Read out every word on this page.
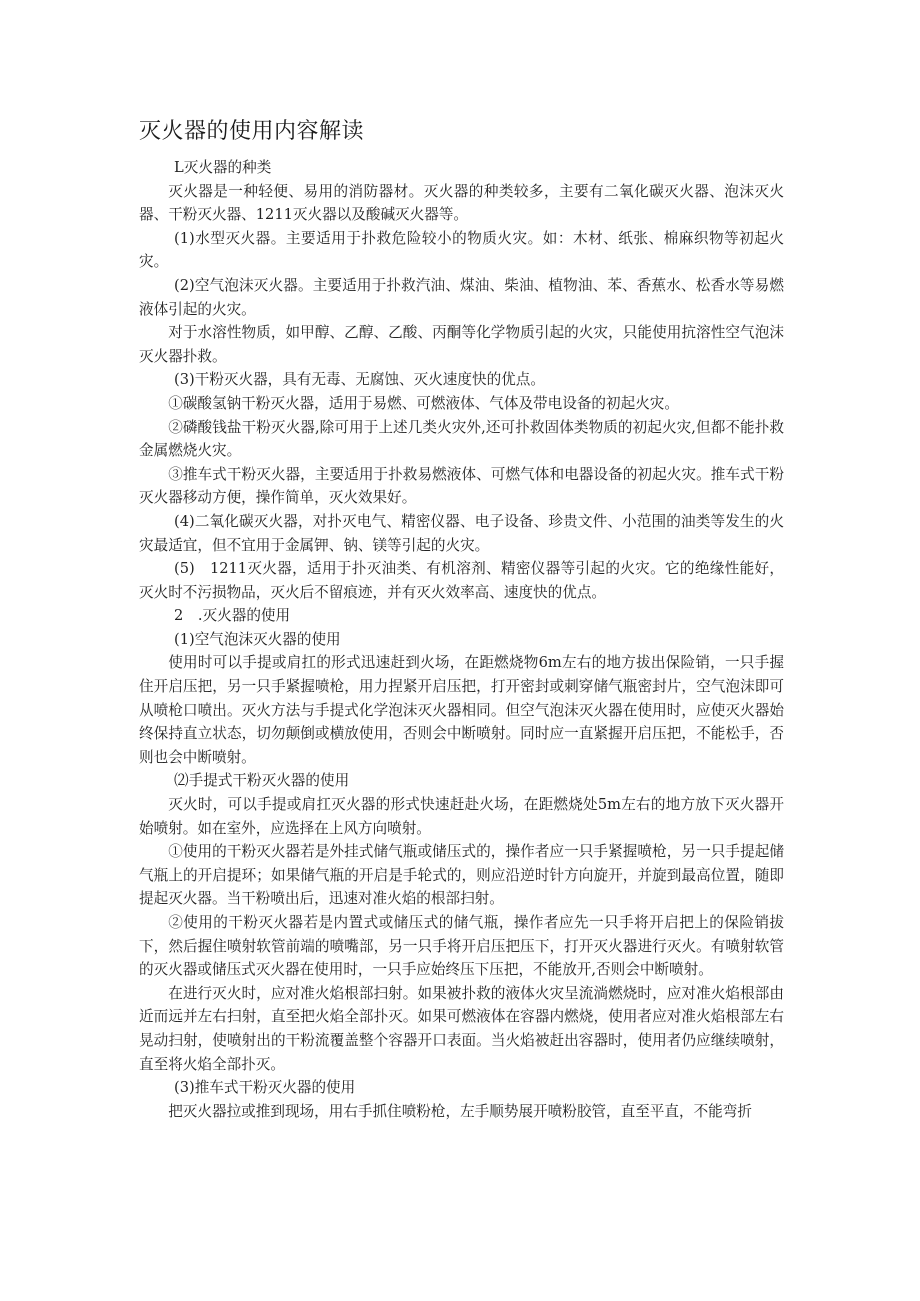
灭火器的使用内容解读

L灭火器的种类

灭火器是一种轻便、易用的消防器材。灭火器的种类较多，主要有二氧化碳灭火器、泡沫灭火器、干粉灭火器、1211灭火器以及酸碱灭火器等。

(1)水型灭火器。主要适用于扑救危险较小的物质火灾。如：木材、纸张、棉麻织物等初起火灾。

(2)空气泡沫灭火器。主要适用于扑救汽油、煤油、柴油、植物油、苯、香蕉水、松香水等易燃液体引起的火灾。

对于水溶性物质，如甲醇、乙醇、乙酸、丙酮等化学物质引起的火灾，只能使用抗溶性空气泡沫灭火器扑救。

(3)干粉灭火器，具有无毒、无腐蚀、灭火速度快的优点。

①碳酸氢钠干粉灭火器，适用于易燃、可燃液体、气体及带电设备的初起火灾。

②磷酸钱盐干粉灭火器,除可用于上述几类火灾外,还可扑救固体类物质的初起火灾,但都不能扑救金属燃烧火灾。

③推车式干粉灭火器，主要适用于扑救易燃液体、可燃气体和电器设备的初起火灾。推车式干粉灭火器移动方便，操作简单，灭火效果好。

(4)二氧化碳灭火器，对扑灭电气、精密仪器、电子设备、珍贵文件、小范围的油类等发生的火灾最适宜，但不宜用于金属钾、钠、镁等引起的火灾。

(5)　1211灭火器，适用于扑灭油类、有机溶剂、精密仪器等引起的火灾。它的绝缘性能好，灭火时不污损物品，灭火后不留痕迹，并有灭火效率高、速度快的优点。

2　.灭火器的使用

(1)空气泡沫灭火器的使用

使用时可以手提或肩扛的形式迅速赶到火场，在距燃烧物6m左右的地方拔出保险销，一只手握住开启压把，另一只手紧握喷枪，用力捏紧开启压把，打开密封或刺穿储气瓶密封片，空气泡沫即可从喷枪口喷出。灭火方法与手提式化学泡沫灭火器相同。但空气泡沫灭火器在使用时，应使灭火器始终保持直立状态，切勿颠倒或横放使用，否则会中断喷射。同时应一直紧握开启压把，不能松手，否则也会中断喷射。

⑵手提式干粉灭火器的使用

灭火时，可以手提或肩扛灭火器的形式快速赶赴火场，在距燃烧处5m左右的地方放下灭火器开始喷射。如在室外，应选择在上风方向喷射。

①使用的干粉灭火器若是外挂式储气瓶或储压式的，操作者应一只手紧握喷枪，另一只手提起储气瓶上的开启提环；如果储气瓶的开启是手轮式的，则应沿逆时针方向旋开，并旋到最高位置，随即提起灭火器。当干粉喷出后，迅速对准火焰的根部扫射。

②使用的干粉灭火器若是内置式或储压式的储气瓶，操作者应先一只手将开启把上的保险销拔下，然后握住喷射软管前端的喷嘴部，另一只手将开启压把压下，打开灭火器进行灭火。有喷射软管的灭火器或储压式灭火器在使用时，一只手应始终压下压把，不能放开,否则会中断喷射。

在进行灭火时，应对准火焰根部扫射。如果被扑救的液体火灾呈流淌燃烧时，应对准火焰根部由近而远并左右扫射，直至把火焰全部扑灭。如果可燃液体在容器内燃烧，使用者应对准火焰根部左右晃动扫射，使喷射出的干粉流覆盖整个容器开口表面。当火焰被赶出容器时，使用者仍应继续喷射，直至将火焰全部扑灭。

(3)推车式干粉灭火器的使用

把灭火器拉或推到现场，用右手抓住喷粉枪，左手顺势展开喷粉胶管，直至平直，不能弯折
